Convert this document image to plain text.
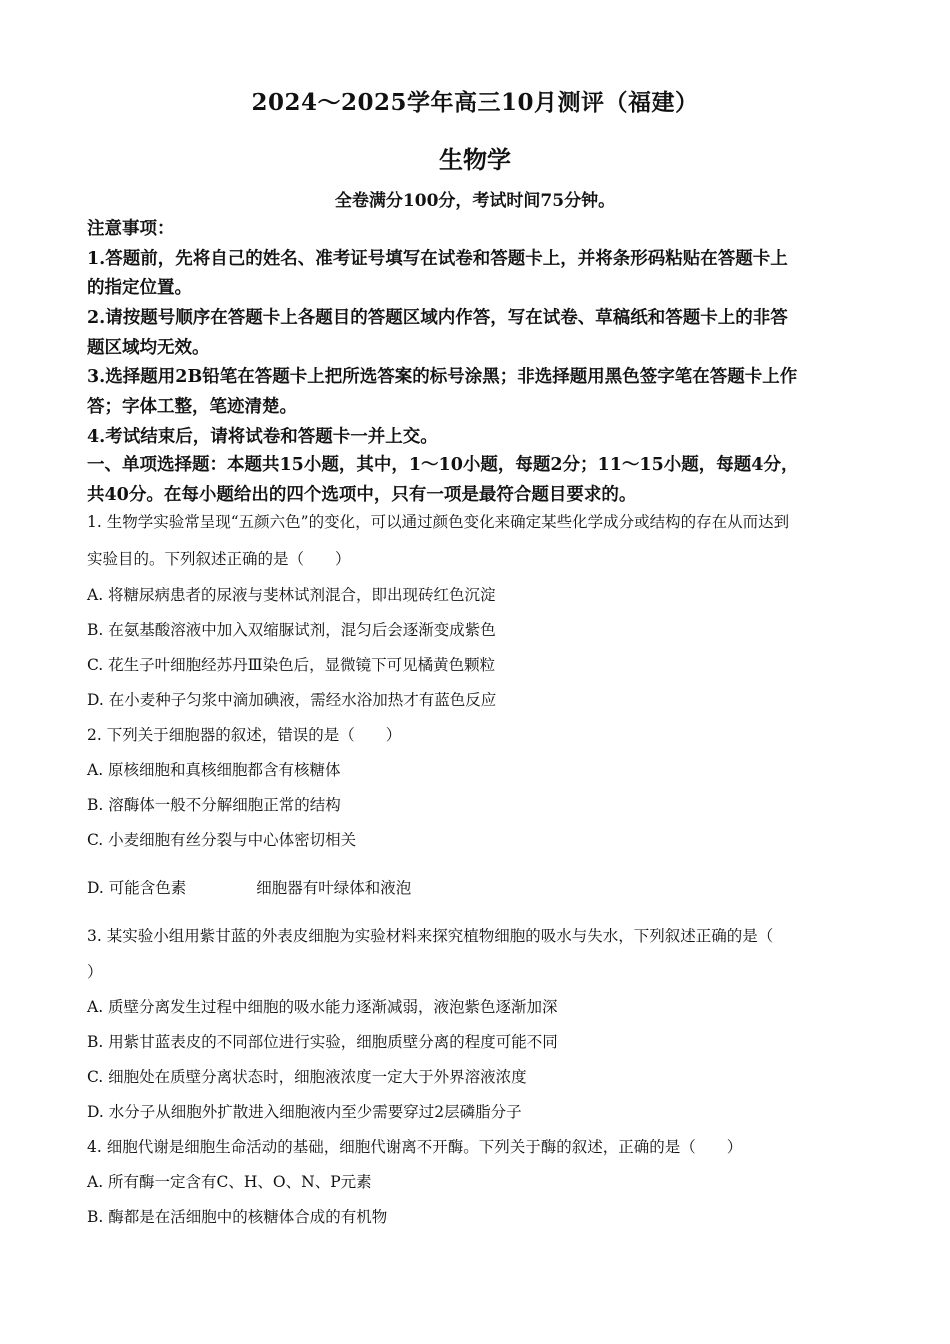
2024～2025学年高三10月测评（福建）
生物学
全卷满分100分，考试时间75分钟。
注意事项：
1.答题前，先将自己的姓名、准考证号填写在试卷和答题卡上，并将条形码粘贴在答题卡上
的指定位置。
2.请按题号顺序在答题卡上各题目的答题区域内作答，写在试卷、草稿纸和答题卡上的非答
题区域均无效。
3.选择题用2B铅笔在答题卡上把所选答案的标号涂黑；非选择题用黑色签字笔在答题卡上作
答；字体工整，笔迹清楚。
4.考试结束后，请将试卷和答题卡一并上交。
一、单项选择题：本题共15小题，其中，1～10小题，每题2分；11～15小题，每题4分，
共40分。在每小题给出的四个选项中，只有一项是最符合题目要求的。
1. 生物学实验常呈现“五颜六色”的变化，可以通过颜色变化来确定某些化学成分或结构的存在从而达到
实验目的。下列叙述正确的是（　　）
A. 将糖尿病患者的尿液与斐林试剂混合，即出现砖红色沉淀
B. 在氨基酸溶液中加入双缩脲试剂，混匀后会逐渐变成紫色
C. 花生子叶细胞经苏丹Ⅲ染色后，显微镜下可见橘黄色颗粒
D. 在小麦种子匀浆中滴加碘液，需经水浴加热才有蓝色反应
2. 下列关于细胞器的叙述，错误的是（　　）
A. 原核细胞和真核细胞都含有核糖体
B. 溶酶体一般不分解细胞正常的结构
C. 小麦细胞有丝分裂与中心体密切相关
D. 可能含色素	细胞器有叶绿体和液泡
3. 某实验小组用紫甘蓝的外表皮细胞为实验材料来探究植物细胞的吸水与失水，下列叙述正确的是（
）
A. 质壁分离发生过程中细胞的吸水能力逐渐减弱，液泡紫色逐渐加深
B. 用紫甘蓝表皮的不同部位进行实验，细胞质壁分离的程度可能不同
C. 细胞处在质壁分离状态时，细胞液浓度一定大于外界溶液浓度
D. 水分子从细胞外扩散进入细胞液内至少需要穿过2层磷脂分子
4. 细胞代谢是细胞生命活动的基础，细胞代谢离不开酶。下列关于酶的叙述，正确的是（　　）
A. 所有酶一定含有C、H、O、N、P元素
B. 酶都是在活细胞中的核糖体合成的有机物
